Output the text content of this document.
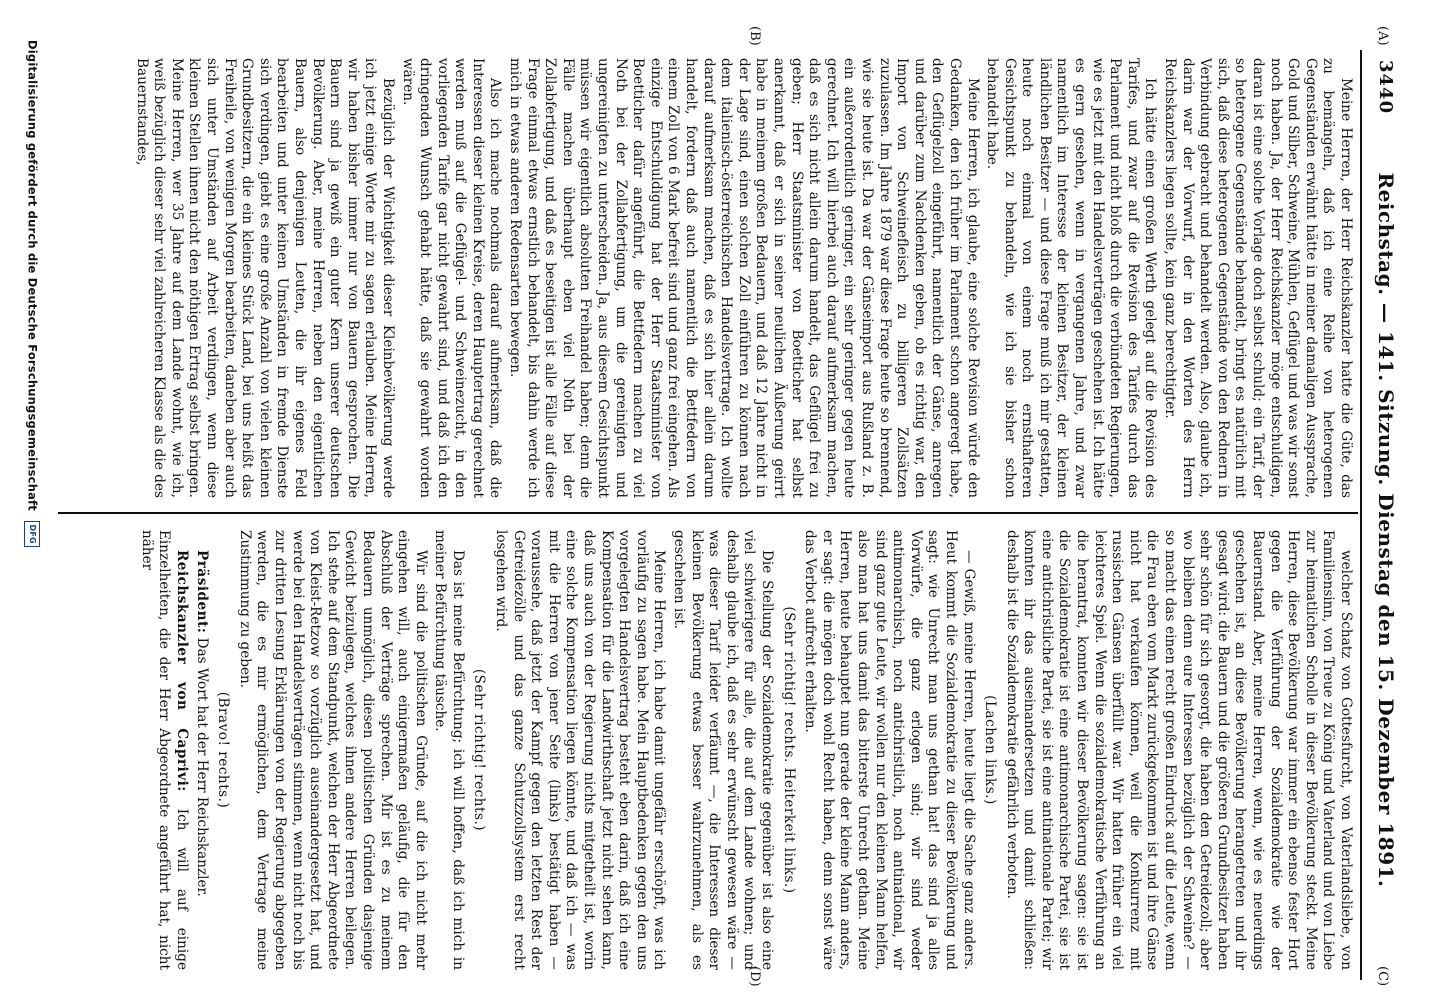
3440
Reichstag. — 141. Sitzung. Dienstag den 15. Dezember 1891.
(A)
(B)
(C)
(D)

Meine Herren, der Herr Reichskanzler hatte die Güte, das zu bemängeln, daß ich eine Reihe von heterogenen Gegenständen erwähnt hätte in meiner damaligen Aussprache, Gold und Silber, Schweine, Mühlen, Geflügel und was wir sonst noch haben. Ja, der Herr Reichskanzler möge entschuldigen, daran ist eine solche Vorlage doch selbst schuld; ein Tarif, der so heterogene Gegenstände behandelt, bringt es natürlich mit sich, daß diese heterogenen Gegenstände von den Rednern in Verbindung gebracht und behandelt werden. Also, glaube ich, darin war der Vorwurf, der in den Worten des Herrn Reichskanzlers liegen sollte, kein ganz berechtigter.

Ich hätte einen großen Werth gelegt auf die Revision des Tarifes, und zwar auf die Revision des Tarifes durch das Parlament und nicht bloß durch die verbündeten Regierungen, wie es jetzt mit den Handelsverträgen geschehen ist. Ich hätte es gern gesehen, wenn in vergangenen Jahre, und zwar namentlich im Interesse der kleinen Besitzer, der kleinen ländlichen Besitzer — und diese Frage muß ich mir gestatten, heute noch einmal von einem noch ernsthafteren Gesichtspunkt zu behandeln, wie ich sie bisher schon behandelt habe.

Meine Herren, ich glaube, eine solche Revision würde den Gedanken, den ich früher im Parlament schon angeregt habe, den Geflügelzoll eingeführt, namentlich der Gänse, anregen und darüber zum Nachdenken geben, ob es richtig war, den Import von Schweinefleisch zu billigeren Zollsätzen zuzulassen. Im Jahre 1879 war diese Frage heute so brennend, wie sie heute ist. Da war der Gänseimport aus Rußland z. B. ein außerordentlich geringer, ein sehr geringer gegen heute gerechnet. Ich will hierbei auch darauf aufmerksam machen, daß es sich nicht allein darum handelt, das Geflügel frei zu geben; Herr Staatsminister von Boetticher hat selbst anerkannt, daß er sich in seiner neulichen Äußerung geirrt habe in meinem großen Bedauern, und daß 12 Jahre nicht in der Lage sind, einen solchen Zoll einführen zu können nach dem italienisch-österreichischen Handelsvertrage. Ich wollte darauf aufmerksam machen, daß es sich hier allein darum handelt, fordern daß auch namentlich die Bettfedern von einem Zoll von 6 Mark befreit sind und ganz frei eingehen. Als einzige Entschuldigung hat der Herr Staatsminister von Boetticher dafür angeführt, die Bettfedern machen zu viel Noth bei der Zollabfertigung, um die gereinigten und ungereinigten zu unterscheiden. Ja, aus diesem Gesichtspunkt müssen wir eigentlich absoluten Freihandel haben; denn die Fälle machen überhaupt eben viel Noth bei der Zollabfertigung, und daß es beseitigen ist alle Fälle auf diese Frage einmal etwas ernstlich behandelt, bis dahin werde ich mich in etwas anderen Redensarten bewegen.

Also ich mache nochmals darauf aufmerksam, daß die Interessen dieser kleinen Kreise, deren Hauptertrag gerechnet werden muß auf die Geflügel- und Schweinezucht, in den vorliegenden Tarife gar nicht gewahrt sind, und daß ich den dringenden Wunsch gehabt hätte, daß sie gewahrt worden wären.

Bezüglich der Wichtigkeit dieser Kleinbevölkerung werde ich jetzt einige Worte mir zu sagen erlauben. Meine Herren, wir haben bisher immer nur von Bauern gesprochen. Die Bauern sind ja gewiß ein guter Kern unserer deutschen Bevölkerung. Aber, meine Herren, neben den eigentlichen Bauern, also denjenigen Leuten, die ihr eigenes Feld bearbeiten und unter keinen Umständen in fremde Dienste sich verdingen, giebt es eine große Anzahl von vielen kleinen Grundbesitzern, die ein kleines Stück Land, bei uns heißt das Freiheile, von wenigen Morgen bearbeiten, daneben aber auch sich unter Umständen auf Arbeit verdingen, wenn diese kleinen Stellen ihnen nicht den nöthigen Ertrag selbst bringen. Meine Herren, wer 35 Jahre auf dem Lande wohnt, wie ich, weiß bezüglich dieser sehr viel zahlreicheren Klasse als die des Bauernstandes,

welcher Schatz von Gottesfurcht, von Vaterlandsliebe, von Familiensinn, von Treue zu König und Vaterland und von Liebe zur heimatlichen Scholle in dieser Bevölkerung steckt. Meine Herren, diese Bevölkerung war immer ein ebenso fester Hort gegen die Verführung der Sozialdemokratie wie der Bauernstand. Aber, meine Herren, wenn, wie es neuerdings geschehen ist, an diese Bevölkerung herangetreten und ihr gesagt wird: die Bauern und die größeren Grundbesitzer haben sehr schön für sich gesorgt, die haben den Getreidezoll; aber wo bleiben denn eure Interessen bezüglich der Schweine? — so macht das einen recht großen Eindruck auf die Leute, wenn die Frau eben vom Markt zurückgekommen ist und ihre Gänse nicht hat verkaufen können, weil die Konkurrenz mit russischen Gänsen überfüllt war. Wir hatten früher ein viel leichteres Spiel. Wenn die sozialdemokratische Verführung an die herantrat, konnten wir dieser Bevölkerung sagen: sie ist die Sozialdemokratie ist eine antimonarchische Partei, sie ist eine antichristliche Partei, sie ist eine antinationale Partei; wir konnten ihr das auseinandersetzen und damit schließen: deshalb ist die Sozialdemokratie gefährlich verboten.

(Lachen links.)

— Gewiß, meine Herren, heute liegt die Sache ganz anders. Heut kommt die Sozialdemokratie zu dieser Bevölkerung und sagt: wie Unrecht man uns gethan hat! das sind ja alles Vorwürfe, die ganz erlogen sind; wir sind weder antimonarchisch, noch antichristlich, noch antinational, wir sind ganz gute Leute, wir wollen nur den kleinen Mann helfen, also man hat uns damit das bitterste Unrecht gethan. Meine Herren, heute behauptet nun gerade der kleine Mann anders, er sagt: die mögen doch wohl Recht haben, denn sonst wäre das Verbot aufrecht erhalten.

(Sehr richtig! rechts. Heiterkeit links.)

Die Stellung der Sozialdemokratie gegenüber ist also eine viel schwierigere für alle, die auf dem Lande wohnen; und deshalb glaube ich, daß es sehr erwünscht gewesen wäre — was dieser Tarif leider verfäumt —, die Interessen dieser kleinen Bevölkerung etwas besser wahrzunehmen, als es geschehen ist.

Meine Herren, ich habe damit ungefähr erschöpft, was ich vorläufig zu sagen habe. Mein Hauptbedenken gegen den uns vorgelegten Handelsvertrag besteht eben darin, daß ich eine Kompensation für die Landwirthschaft jetzt nicht sehen kann, daß uns auch von der Regierung nichts mitgetheilt ist, worin eine solche Kompensation liegen könnte, und daß ich — was mit die Herren von jener Seite (links) bestätigt haben — voraussehe, daß jetzt der Kampf gegen den letzten Rest der Getreidezölle und das ganze Schutzzollsystem erst recht losgehen wird.

(Sehr richtig! rechts.)

Das ist meine Befürchtung; ich will hoffen, daß ich mich in meiner Befürchtung täusche.

Wir sind die politischen Gründe, auf die ich nicht mehr eingehen will, auch einigermaßen geläufig, die für den Abschluß der Verträge sprechen. Mir ist es zu meinem Bedauern unmöglich, diesen politischen Gründen dasjenige Gewicht beizulegen, welches ihnen andere Herren beilegen. Ich stehe auf dem Standpunkt, welchen der Herr Abgeordnete von Kleist-Retzow so vorzüglich auseinandergesetzt hat, und werde bei den Handelsverträgen stimmen, wenn nicht noch bis zur dritten Lesung Erklärungen von der Regierung abgegeben werden, die es mir ermöglichen, dem Vertrage meine Zustimmung zu geben.

(Bravo! rechts.)

Präsident: Das Wort hat der Herr Reichskanzler.

Reichskanzler von Caprivi: Ich will auf einige Einzelheiten, die der Herr Abgeordnete angeführt hat, nicht näher

Digitalisierung gefördert durch die Deutsche Forschungsgemeinschaft DFG
